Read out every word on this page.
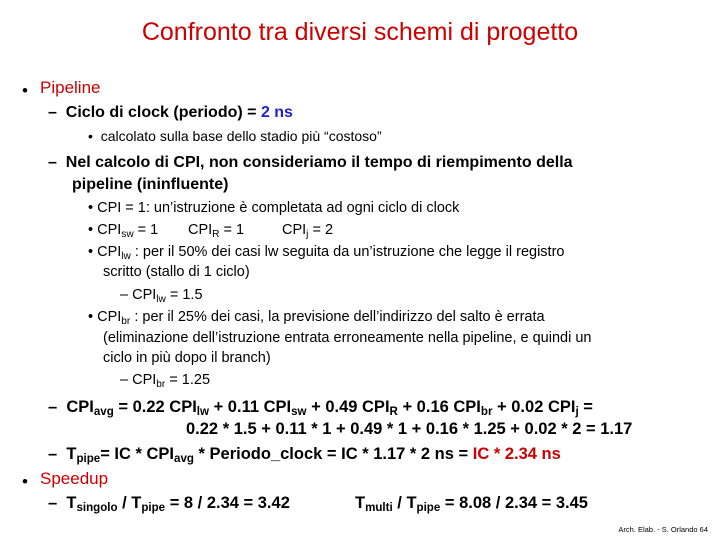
Confronto tra diversi schemi di progetto
• Pipeline
– Ciclo di clock (periodo) = 2 ns
• calcolato sulla base dello stadio più “costoso”
– Nel calcolo di CPI, non consideriamo il tempo di riempimento della
pipeline (ininfluente)
• CPI = 1: un’istruzione è completata ad ogni ciclo di clock
• $CPI_{sw} = 1$ $CPI_R = 1$	$CPI_j = 2$
• $CPI_{lw}$ : per il 50% dei casi lw seguita da un’istruzione che legge il registro
scritto (stallo di 1 ciclo)
– $CPI_{lw} = 1.5$
• $CPI_{br}$ : per il 25% dei casi, la previsione dell’indirizzo del salto è errata
(eliminazione dell’istruzione entrata erroneamente nella pipeline, e quindi un
ciclo in più dopo il branch)
– $CPI_{br} = 1.25$
– $CPI_{avg} = 0.22$ $CPI_{lw} + 0.11$ $CPI_{sw} + 0.49$ $CPI_R + 0.16$ $CPI_{br} + 0.02$ $CPI_j$ =
0.22 * 1.5 + 0.11 * 1 + 0.49 * 1 + 0.16 * 1.25 + 0.02 * 2 = 1.17
– $T_{pipe}=$ IC * $CPI_{avg}$ * Periodo_clock = IC * 1.17 * 2 ns = IC * 2.34 ns
• Speedup
– $T_{singolo} / T_{pipe} = 8 / 2.34 = 3.42$	$T_{multi} / T_{pipe} = 8.08 / 2.34 = 3.45$
Arch. Elab. - S. Orlando 64
